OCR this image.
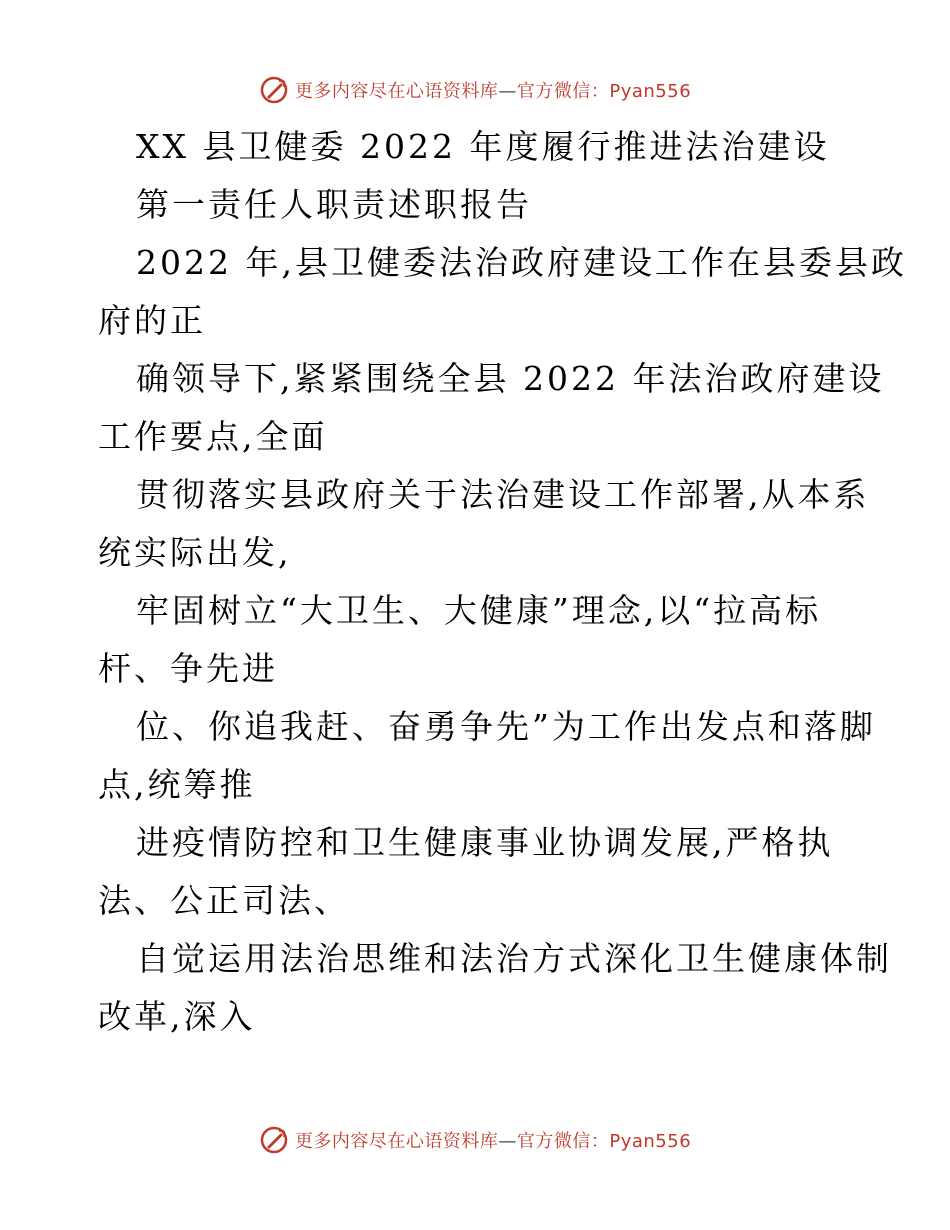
更多内容尽在心语资料库—官方微信：Pyan556
XX 县卫健委 2022 年度履行推进法治建设
第一责任人职责述职报告
2022 年,县卫健委法治政府建设工作在县委县政
府的正
确领导下,紧紧围绕全县 2022 年法治政府建设
工作要点,全面
贯彻落实县政府关于法治建设工作部署,从本系
统实际出发,
牢固树立“大卫生、大健康”理念,以“拉高标
杆、争先进
位、你追我赶、奋勇争先”为工作出发点和落脚
点,统筹推
进疫情防控和卫生健康事业协调发展,严格执
法、公正司法、
自觉运用法治思维和法治方式深化卫生健康体制
改革,深入
更多内容尽在心语资料库—官方微信：Pyan556
